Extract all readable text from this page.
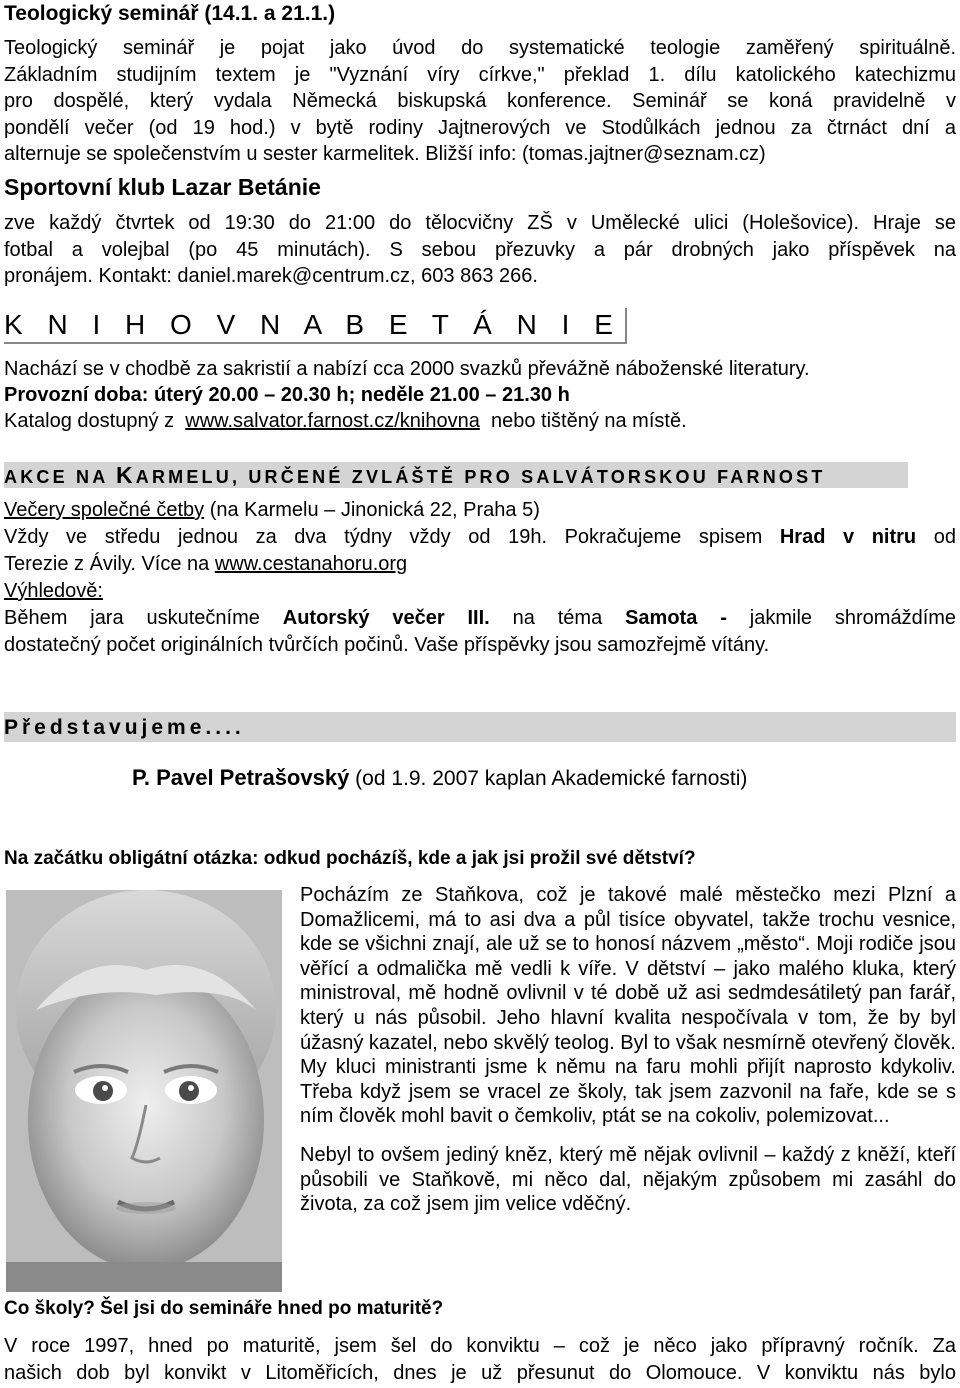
Teologický seminář (14.1. a 21.1.)

Teologický seminář je pojat jako úvod do systematické teologie zaměřený spirituálně.

Základním studijním textem je "Vyznání víry církve," překlad 1. dílu katolického katechizmu

pro dospělé, který vydala Německá biskupská konference. Seminář se koná pravidelně v

pondělí večer (od 19 hod.) v bytě rodiny Jajtnerových ve Stodůlkách jednou za čtrnáct dní a

alternuje se společenstvím u sester karmelitek. Bližší info: (tomas.jajtner@seznam.cz)

Sportovní klub Lazar Betánie

zve každý čtvrtek od 19:30 do 21:00 do tělocvičny ZŠ v Umělecké ulici (Holešovice). Hraje se

fotbal a volejbal (po 45 minutách). S sebou přezuvky a pár drobných jako příspěvek na

pronájem. Kontakt: daniel.marek@centrum.cz, 603 863 266.

K N I H O V N A B E T Á N I E

Nachází se v chodbě za sakristií a nabízí cca 2000 svazků převážně náboženské literatury.

Provozní doba: úterý 20.00 – 20.30 h; neděle 21.00 – 21.30 h

Katalog dostupný z www.salvator.farnost.cz/knihovna nebo tištěný na místě.

AKCE NA KARMELU, URČENÉ ZVLÁŠTĚ PRO SALVÁTORSKOU FARNOST

Večery společné četby (na Karmelu – Jinonická 22, Praha 5)

Vždy ve středu jednou za dva týdny vždy od 19h. Pokračujeme spisem Hrad v nitru od

Terezie z Ávily. Více na www.cestanahoru.org

Výhledově:

Během jara uskutečníme Autorský večer III. na téma Samota - jakmile shromáždíme

dostatečný počet originálních tvůrčích počinů. Vaše příspěvky jsou samozřejmě vítány.

Představujeme....
P. Pavel Petrašovský (od 1.9. 2007 kaplan Akademické farnosti)
Na začátku obligátní otázka: odkud pocházíš, kde a jak jsi prožil své dětství?

Pocházím ze Staňkova, což je takové malé městečko mezi Plzní a Domažlicemi, má to asi dva a půl tisíce obyvatel, takže trochu vesnice, kde se všichni znají, ale už se to honosí názvem „město“. Moji rodiče jsou věřící a odmalička mě vedli k víře. V dětství – jako malého kluka, který ministroval, mě hodně ovlivnil v té době už asi sedmdesátiletý pan farář, který u nás působil. Jeho hlavní kvalita nespočívala v tom, že by byl úžasný kazatel, nebo skvělý teolog. Byl to však nesmírně otevřený člověk. My kluci ministranti jsme k němu na faru mohli přijít naprosto kdykoliv. Třeba když jsem se vracel ze školy, tak jsem zazvonil na faře, kde se s ním člověk mohl bavit o čemkoliv, ptát se na cokoliv, polemizovat...

Nebyl to ovšem jediný kněz, který mě nějak ovlivnil – každý z kněží, kteří působili ve Staňkově, mi něco dal, nějakým způsobem mi zasáhl do života, za což jsem jim velice vděčný.

Co školy? Šel jsi do semináře hned po maturitě?

V roce 1997, hned po maturitě, jsem šel do konviktu – což je něco jako přípravný ročník. Za

našich dob byl konvikt v Litoměřicích, dnes je už přesunut do Olomouce. V konviktu nás bylo
